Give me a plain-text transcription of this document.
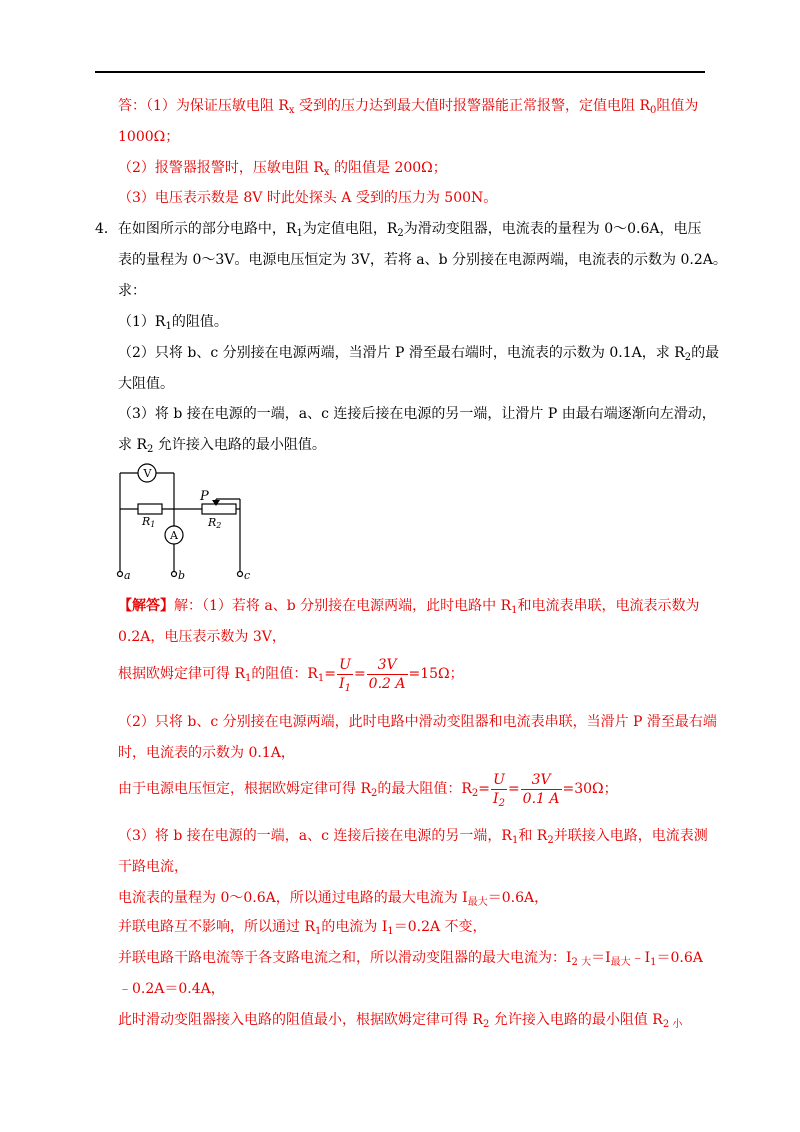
答：（1）为保证压敏电阻 $R_x$ 受到的压力达到最大值时报警器能正常报警，定值电阻 $R_0$阻值为
1000Ω；
（2）报警器报警时，压敏电阻 $R_x$ 的阻值是 200Ω；
（3）电压表示数是 8V 时此处探头 A 受到的压力为 500N。
4．在如图所示的部分电路中，$R_1$为定值电阻，$R_2$为滑动变阻器，电流表的量程为 0～0.6A，电压
表的量程为 0～3V。电源电压恒定为 3V，若将 a、b 分别接在电源两端，电流表的示数为 0.2A。
求：
$(1)R_1$的阻值。
（2）只将 b、c 分别接在电源两端，当滑片 P 滑至最右端时，电流表的示数为 0.1A，求 $R_2$的最
大阻值。
（3）将 b 接在电源的一端，a、c 连接后接在电源的另一端，让滑片 P 由最右端逐渐向左滑动，
求 $R_2$ 允许接入电路的最小阻值。
V
A
R1	R2
P
a	b	c
【解答】解：（1）若将 a、b 分别接在电源两端，此时电路中 $R_1$和电流表串联，电流表示数为
0.2A，电压表示数为 3V，
根据欧姆定律可得 $R_1$的阻值：$R_1= \frac{U}{I_1} = \frac{3V}{0.2 A} =15\Omega$；
（2）只将 b、c 分别接在电源两端，此时电路中滑动变阻器和电流表串联，当滑片 P 滑至最右端
时，电流表的示数为 0.1A，
由于电源电压恒定，根据欧姆定律可得 $R_2$的最大阻值：$R_2= \frac{U}{I_2} = \frac{3V}{0.1 A} =30\Omega$；
（3）将 b 接在电源的一端，a、c 连接后接在电源的另一端，$R_1$和 $R_2$并联接入电路，电流表测
干路电流，
电流表的量程为 0～0.6A，所以通过电路的最大电流为 $I_{最大}=0.6A$，
并联电路互不影响，所以通过 $R_1$的电流为 $I_1=0.2A$ 不变，
并联电路干路电流等于各支路电流之和，所以滑动变阻器的最大电流为：$I_{2 大}=I_{最大}﹣I_1=0.6A$
﹣0.2A＝0.4A，
此时滑动变阻器接入电路的阻值最小，根据欧姆定律可得 $R_2$ 允许接入电路的最小阻值 $R_{2 小}$
